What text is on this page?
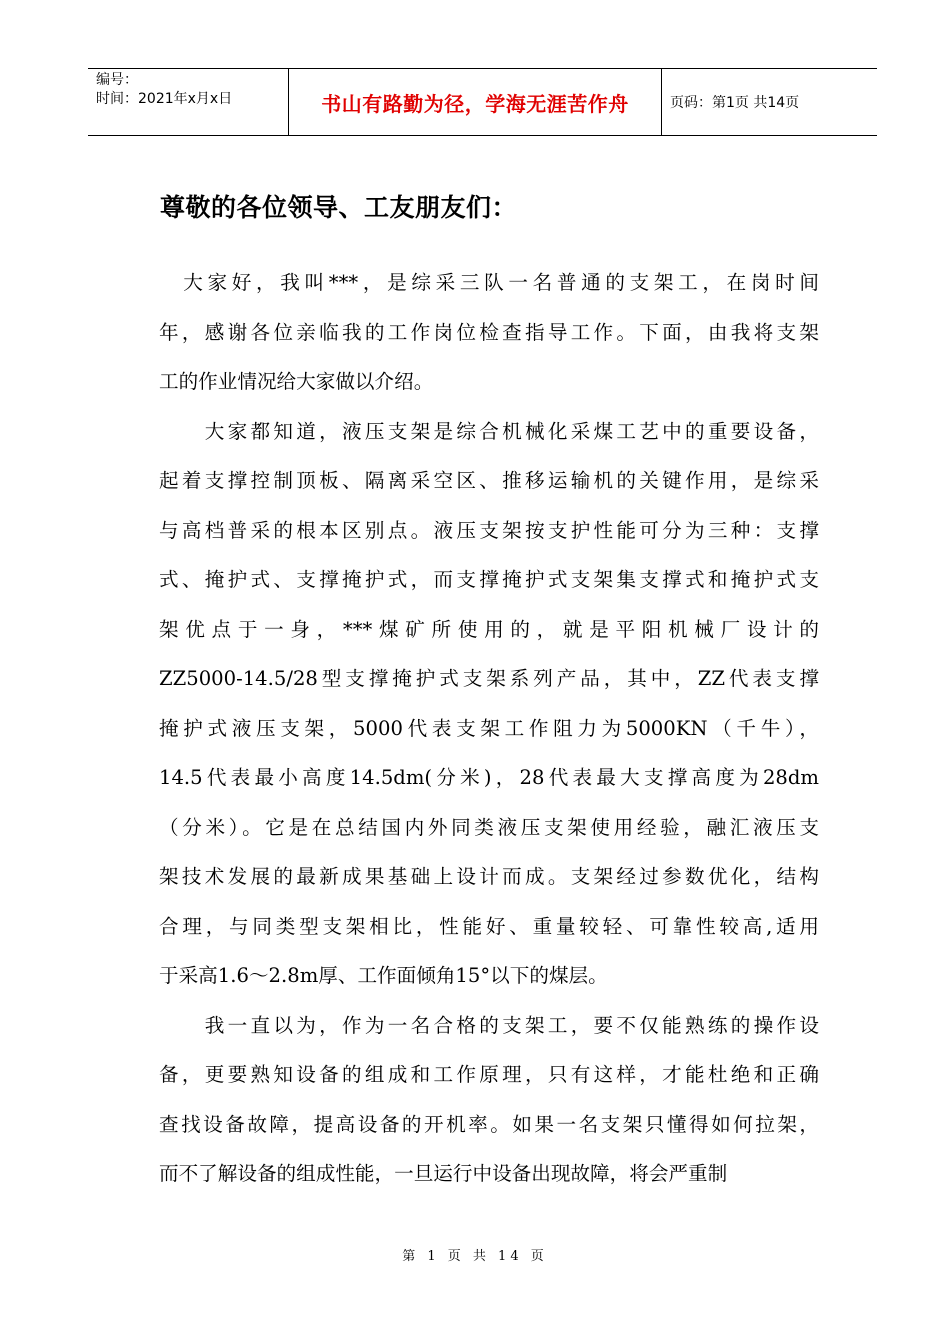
编号：
时间：2021年x月x日	书山有路勤为径，学海无涯苦作舟	页码：第1页 共14页
尊敬的各位领导、工友朋友们：
　大家好，我叫***，是综采三队一名普通的支架工，在岗时间
年，感谢各位亲临我的工作岗位检查指导工作。下面，由我将支架
工的作业情况给大家做以介绍。
　　大家都知道，液压支架是综合机械化采煤工艺中的重要设备，
起着支撑控制顶板、隔离采空区、推移运输机的关键作用，是综采
与高档普采的根本区别点。液压支架按支护性能可分为三种：支撑
式、掩护式、支撑掩护式，而支撑掩护式支架集支撑式和掩护式支
架优点于一身，***煤矿所使用的，就是平阳机械厂设计的
ZZ5000-14.5/28型支撑掩护式支架系列产品，其中，ZZ代表支撑
掩护式液压支架，5000代表支架工作阻力为5000KN（千牛），
14.5代表最小高度14.5dm(分米)，28代表最大支撑高度为28dm
（分米）。它是在总结国内外同类液压支架使用经验，融汇液压支
架技术发展的最新成果基础上设计而成。支架经过参数优化，结构
合理，与同类型支架相比，性能好、重量较轻、可靠性较高,适用
于采高1.6～2.8m厚、工作面倾角15°以下的煤层。
　　我一直以为，作为一名合格的支架工，要不仅能熟练的操作设
备，更要熟知设备的组成和工作原理，只有这样，才能杜绝和正确
查找设备故障，提高设备的开机率。如果一名支架只懂得如何拉架，
而不了解设备的组成性能，一旦运行中设备出现故障，将会严重制
第 1 页 共 14 页
